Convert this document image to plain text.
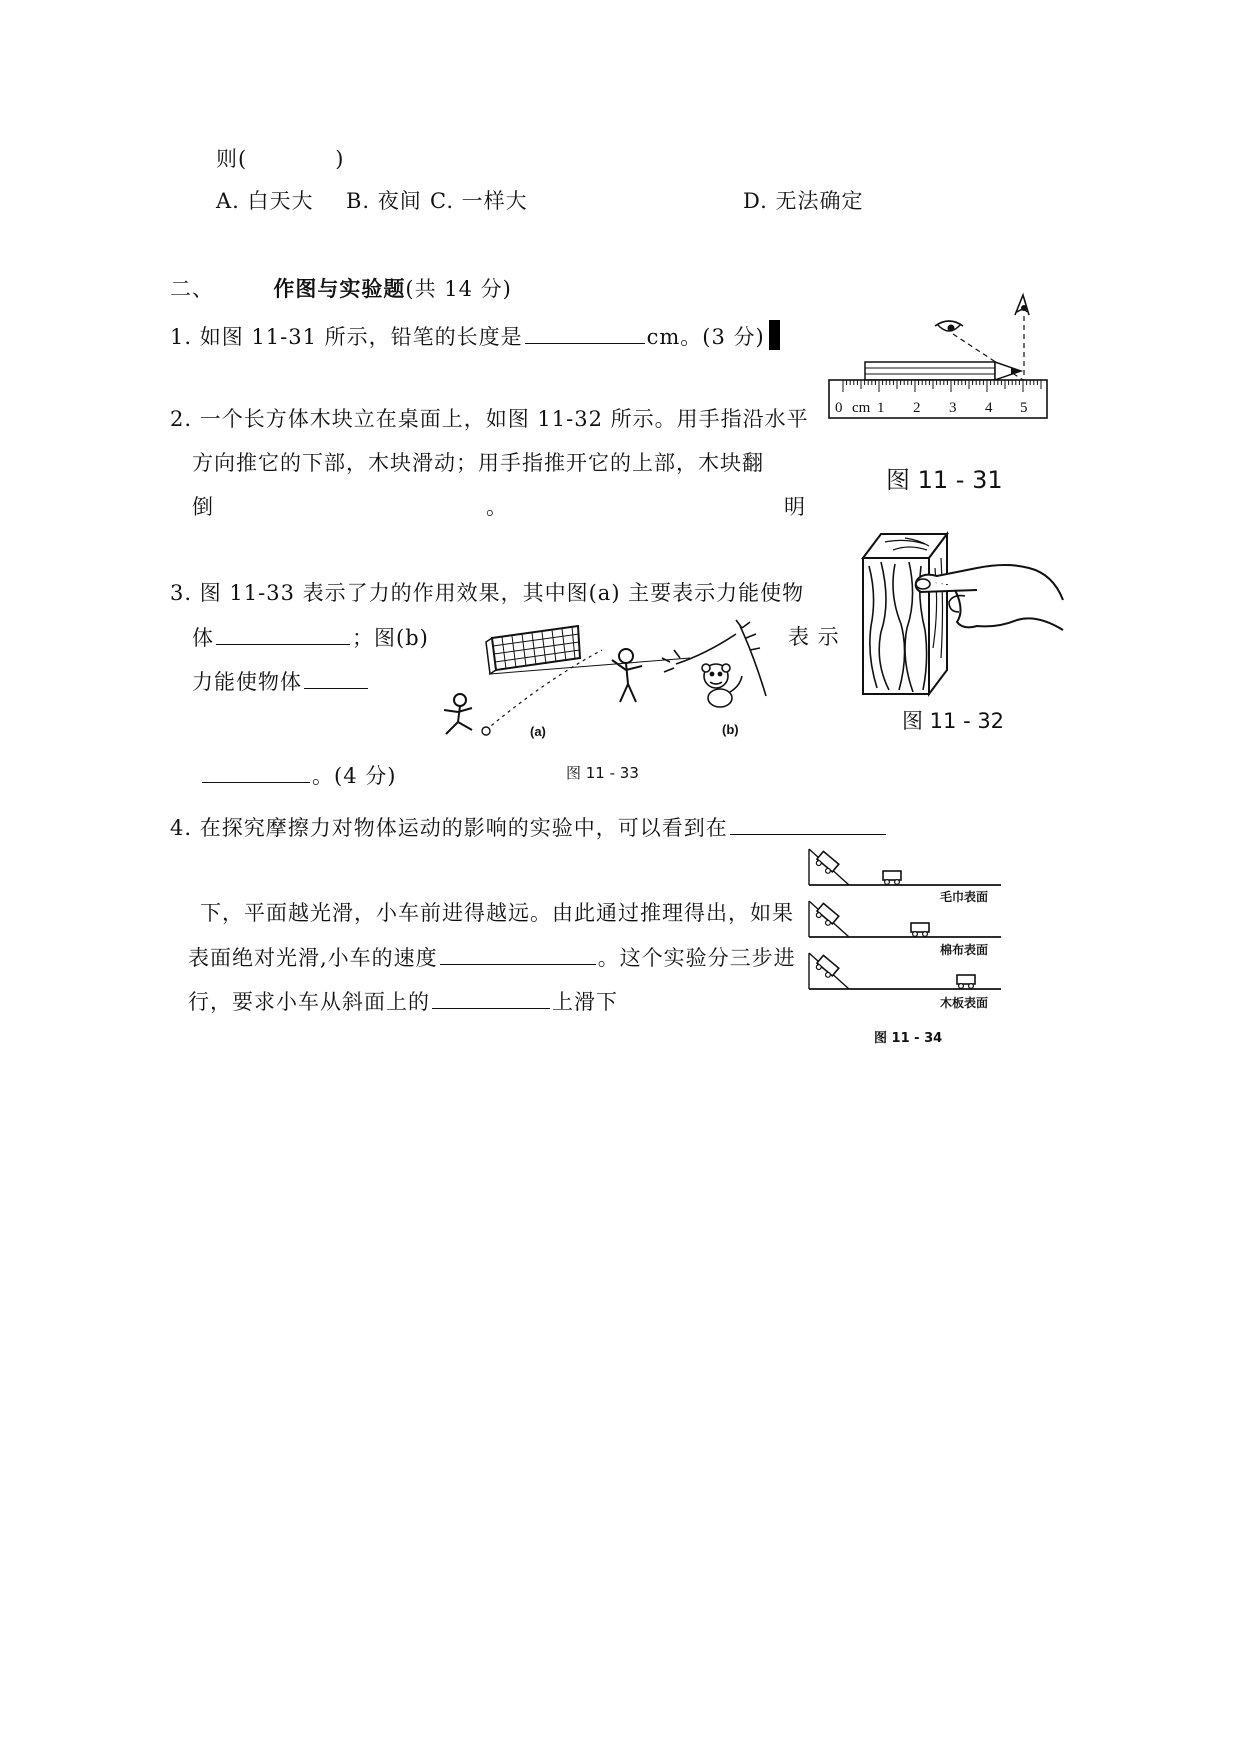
则(	)
A. 白天大 B. 夜间 C. 一样大	D. 无法确定
二、	作图与实验题(共 14 分)
1. 如图 11-31 所示，铅笔的长度是	cm。(3 分)
0 cm 1 2 3 4 5
图 11 - 31
2. 一个长方体木块立在桌面上，如图 11-32 所示。用手指沿水平
方向推它的下部，木块滑动；用手指推开它的上部，木块翻
倒	。	明
图 11 - 32
3. 图 11-33 表示了力的作用效果，其中图(a) 主要表示力能使物
体	；图(b)	表 示
力能使物体
。(4 分)
(a)	(b)
图 11 - 33
4. 在探究摩擦力对物体运动的影响的实验中，可以看到在
下，平面越光滑，小车前进得越远。由此通过推理得出，如果
表面绝对光滑,小车的速度	。这个实验分三步进
行，要求小车从斜面上的	上滑下
毛巾表面
棉布表面
木板表面
图 11 - 34
